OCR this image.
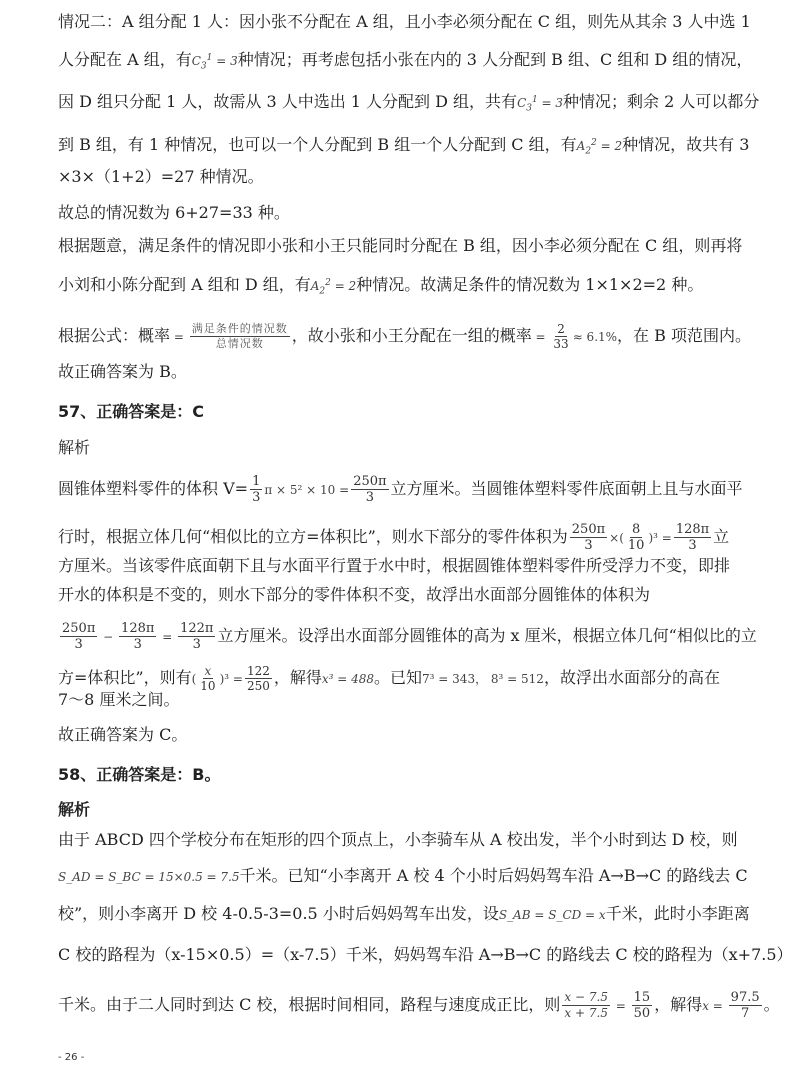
情况二：A 组分配 1 人：因小张不分配在 A 组，且小李必须分配在 C 组，则先从其余 3 人中选 1
人分配在 A 组，有$C_3^1 = 3$种情况；再考虑包括小张在内的 3 人分配到 B 组、C 组和 D 组的情况，
因 D 组只分配 1 人，故需从 3 人中选出 1 人分配到 D 组，共有$C_3^1 = 3$种情况；剩余 2 人可以都分
到 B 组，有 1 种情况，也可以一个人分配到 B 组一个人分配到 C 组，有$A_2^2 = 2$种情况，故共有 3
×3×（1+2）=27 种情况。
故总的情况数为 6+27=33 种。
根据题意，满足条件的情况即小张和小王只能同时分配在 B 组，因小李必须分配在 C 组，则再将
小刘和小陈分配到 A 组和 D 组，有$A_2^2 = 2$种情况。故满足条件的情况数为 1×1×2=2 种。
根据公式：概率 = $\frac{\text{满足条件的情况数}}{\text{总情况数}}$ ，故小张和小王分配在一组的概率 = $\frac{2}{33} \approx 6.1\%$，在 B 项范围内。
故正确答案为 B。
57、正确答案是：C
解析
圆锥体塑料零件的体积 $V= \frac{1}{3}$ $\pi \times 5^2 \times 10 = \frac{250\pi}{3}$ 立方厘米。当圆锥体塑料零件底面朝上且与水面平
行时，根据立体几何“相似比的立方=体积比”，则水下部分的零件体积为 $\frac{250\pi}{3}$ ×( $\frac{8}{10} )^3 = \frac{128\pi}{3}$ 立
方厘米。当该零件底面朝下且与水面平行置于水中时，根据圆锥体塑料零件所受浮力不变，即排
开水的体积是不变的，则水下部分的零件体积不变，故浮出水面部分圆锥体的体积为
$\frac{250\pi}{3} - \frac{128\pi}{3} = \frac{122\pi}{3}$ 立方厘米。设浮出水面部分圆锥体的高为 x 厘米，根据立体几何“相似比的立
方=体积比”，则有( $\frac{x}{10} )^3 = \frac{122}{250}$ ，解得x³ = 488。已知7³ = 343， 8³ = 512，故浮出水面部分的高在
7～8 厘米之间。
故正确答案为 C。
58、正确答案是：B。
解析
由于 ABCD 四个学校分布在矩形的四个顶点上，小李骑车从 A 校出发，半个小时到达 D 校，则
S_AD = S_BC = 15×0.5 = 7.5千米。已知“小李离开 A 校 4 个小时后妈妈驾车沿 A→B→C 的路线去 C
校”，则小李离开 D 校 4-0.5-3=0.5 小时后妈妈驾车出发，设S_AB = S_CD = x千米，此时小李距离
C 校的路程为（x-15×0.5）=（x-7.5）千米，妈妈驾车沿 A→B→C 的路线去 C 校的路程为（x+7.5）
千米。由于二人同时到达 C 校，根据时间相同，路程与速度成正比，则 $\frac{x - 7.5}{x + 7.5} = \frac{15}{50}$ ，解得$x = \frac{97.5}{7}$ 。
- 26 -
